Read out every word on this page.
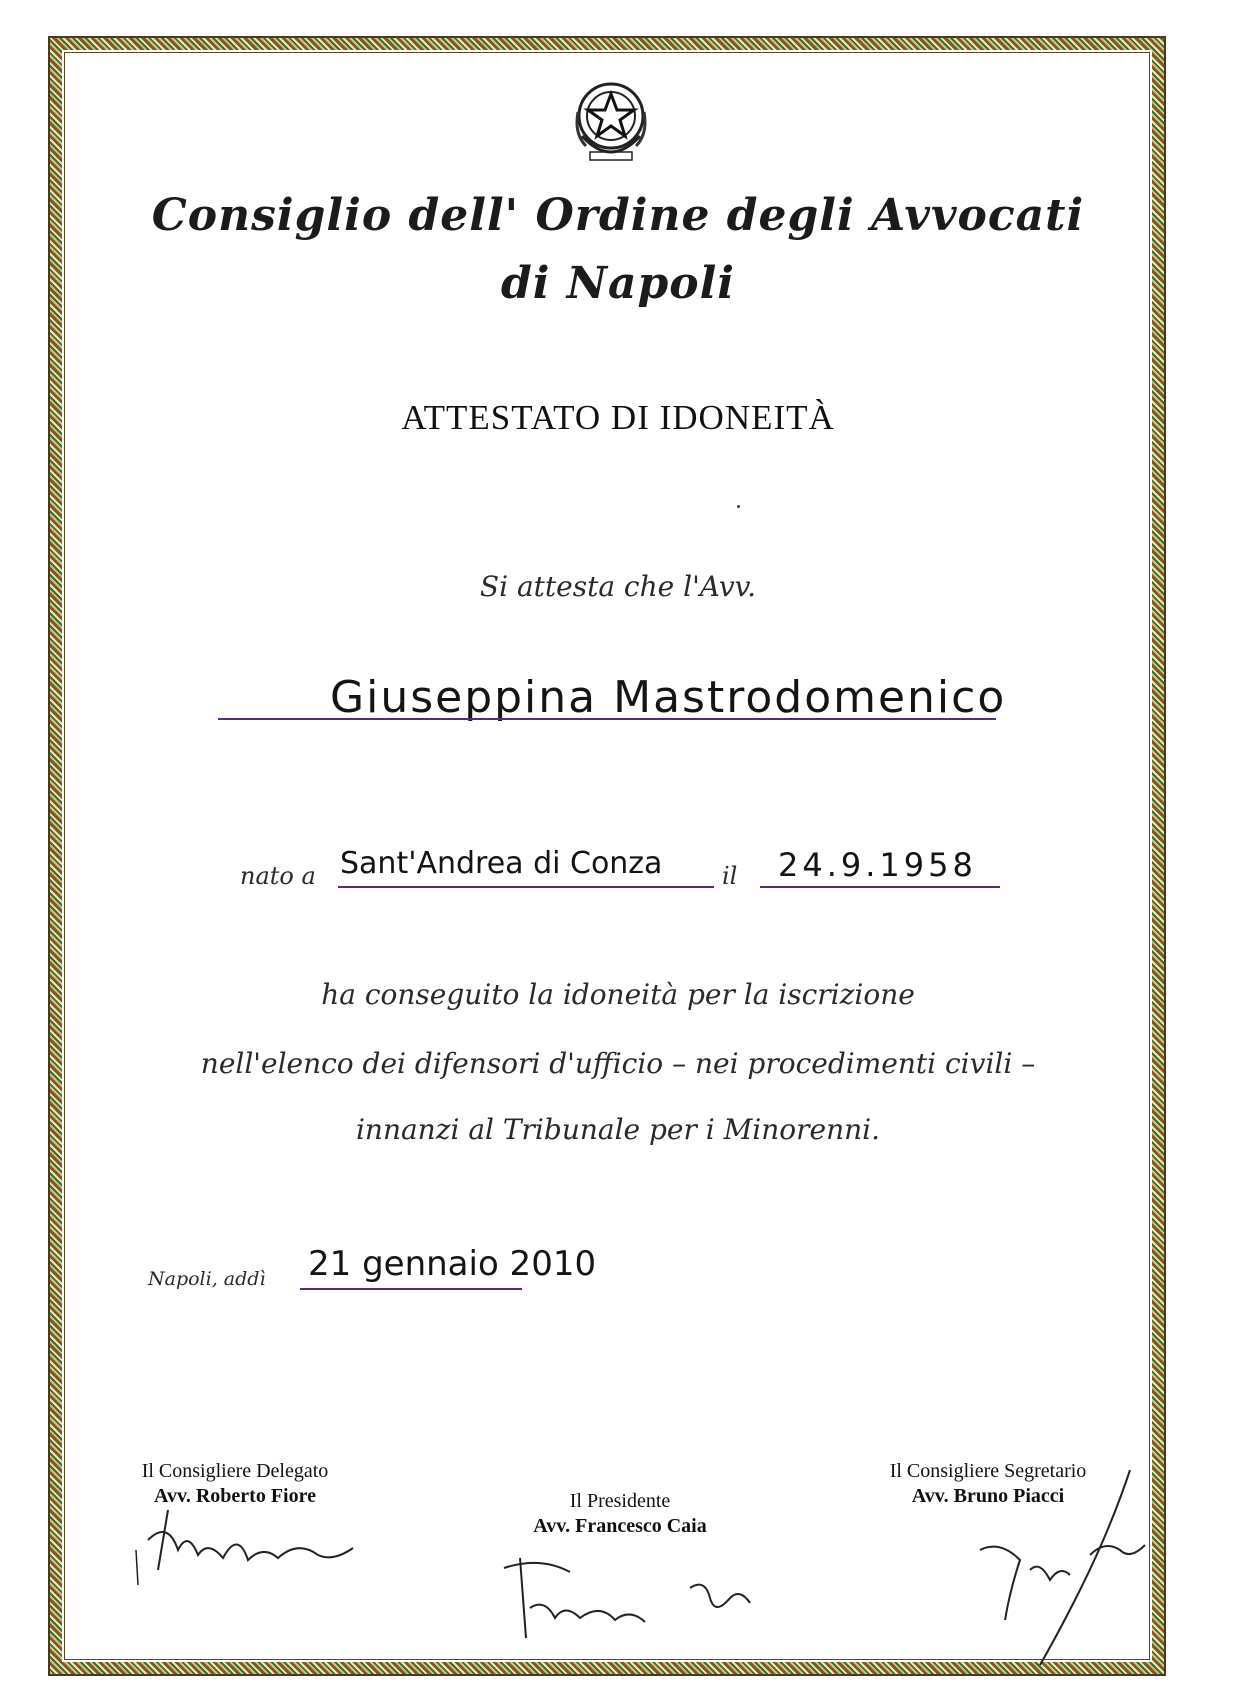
Consiglio dell' Ordine degli Avvocati
di Napoli
ATTESTATO DI IDONEITÀ
Si attesta che l'Avv.
Giuseppina Mastrodomenico
nato a Sant'Andrea di Conza il 24.9.1958
ha conseguito la idoneità per la iscrizione
nell'elenco dei difensori d'ufficio – nei procedimenti civili –
innanzi al Tribunale per i Minorenni.
Napoli, addì 21 gennaio 2010
Il Consigliere Delegato
Avv. Roberto Fiore	Il Presidente
Avv. Francesco Caia
Il Consigliere Segretario
Avv. Bruno Piacci
